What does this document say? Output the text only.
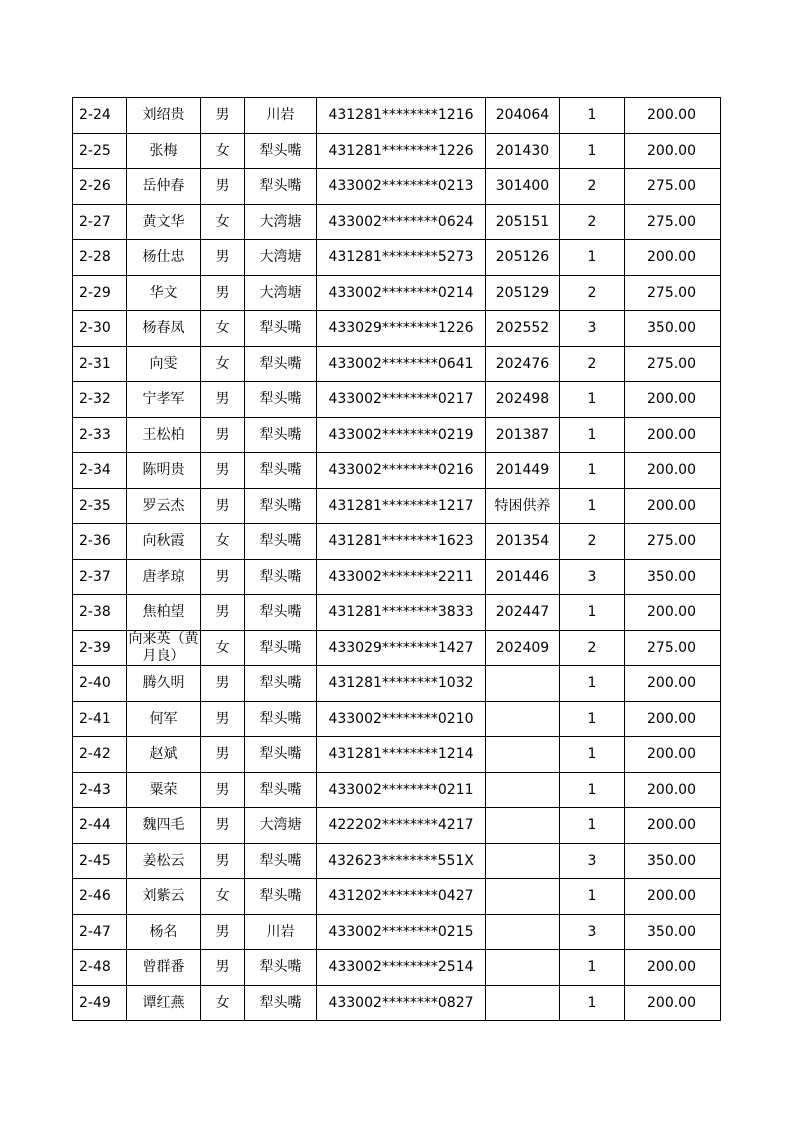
2-24	刘绍贵	男	川岩	431281********1216	204064	1	200.00
2-25	张梅	女	犁头嘴	431281********1226	201430	1	200.00
2-26	岳仲春	男	犁头嘴	433002********0213	301400	2	275.00
2-27	黄文华	女	大湾塘	433002********0624	205151	2	275.00
2-28	杨仕忠	男	大湾塘	431281********5273	205126	1	200.00
2-29	华文	男	大湾塘	433002********0214	205129	2	275.00
2-30	杨春凤	女	犁头嘴	433029********1226	202552	3	350.00
2-31	向雯	女	犁头嘴	433002********0641	202476	2	275.00
2-32	宁孝军	男	犁头嘴	433002********0217	202498	1	200.00
2-33	王松柏	男	犁头嘴	433002********0219	201387	1	200.00
2-34	陈明贵	男	犁头嘴	433002********0216	201449	1	200.00
2-35	罗云杰	男	犁头嘴	431281********1217	特困供养	1	200.00
2-36	向秋霞	女	犁头嘴	431281********1623	201354	2	275.00
2-37	唐孝琼	男	犁头嘴	433002********2211	201446	3	350.00
2-38	焦柏望	男	犁头嘴	431281********3833	202447	1	200.00
2-39	向来英（黄月良）	女	犁头嘴	433029********1427	202409	2	275.00
2-40	腾久明	男	犁头嘴	431281********1032		1	200.00
2-41	何军	男	犁头嘴	433002********0210		1	200.00
2-42	赵斌	男	犁头嘴	431281********1214		1	200.00
2-43	粟荣	男	犁头嘴	433002********0211		1	200.00
2-44	魏四毛	男	大湾塘	422202********4217		1	200.00
2-45	姜松云	男	犁头嘴	432623********551X		3	350.00
2-46	刘紫云	女	犁头嘴	431202********0427		1	200.00
2-47	杨名	男	川岩	433002********0215		3	350.00
2-48	曾群番	男	犁头嘴	433002********2514		1	200.00
2-49	谭红燕	女	犁头嘴	433002********0827		1	200.00
